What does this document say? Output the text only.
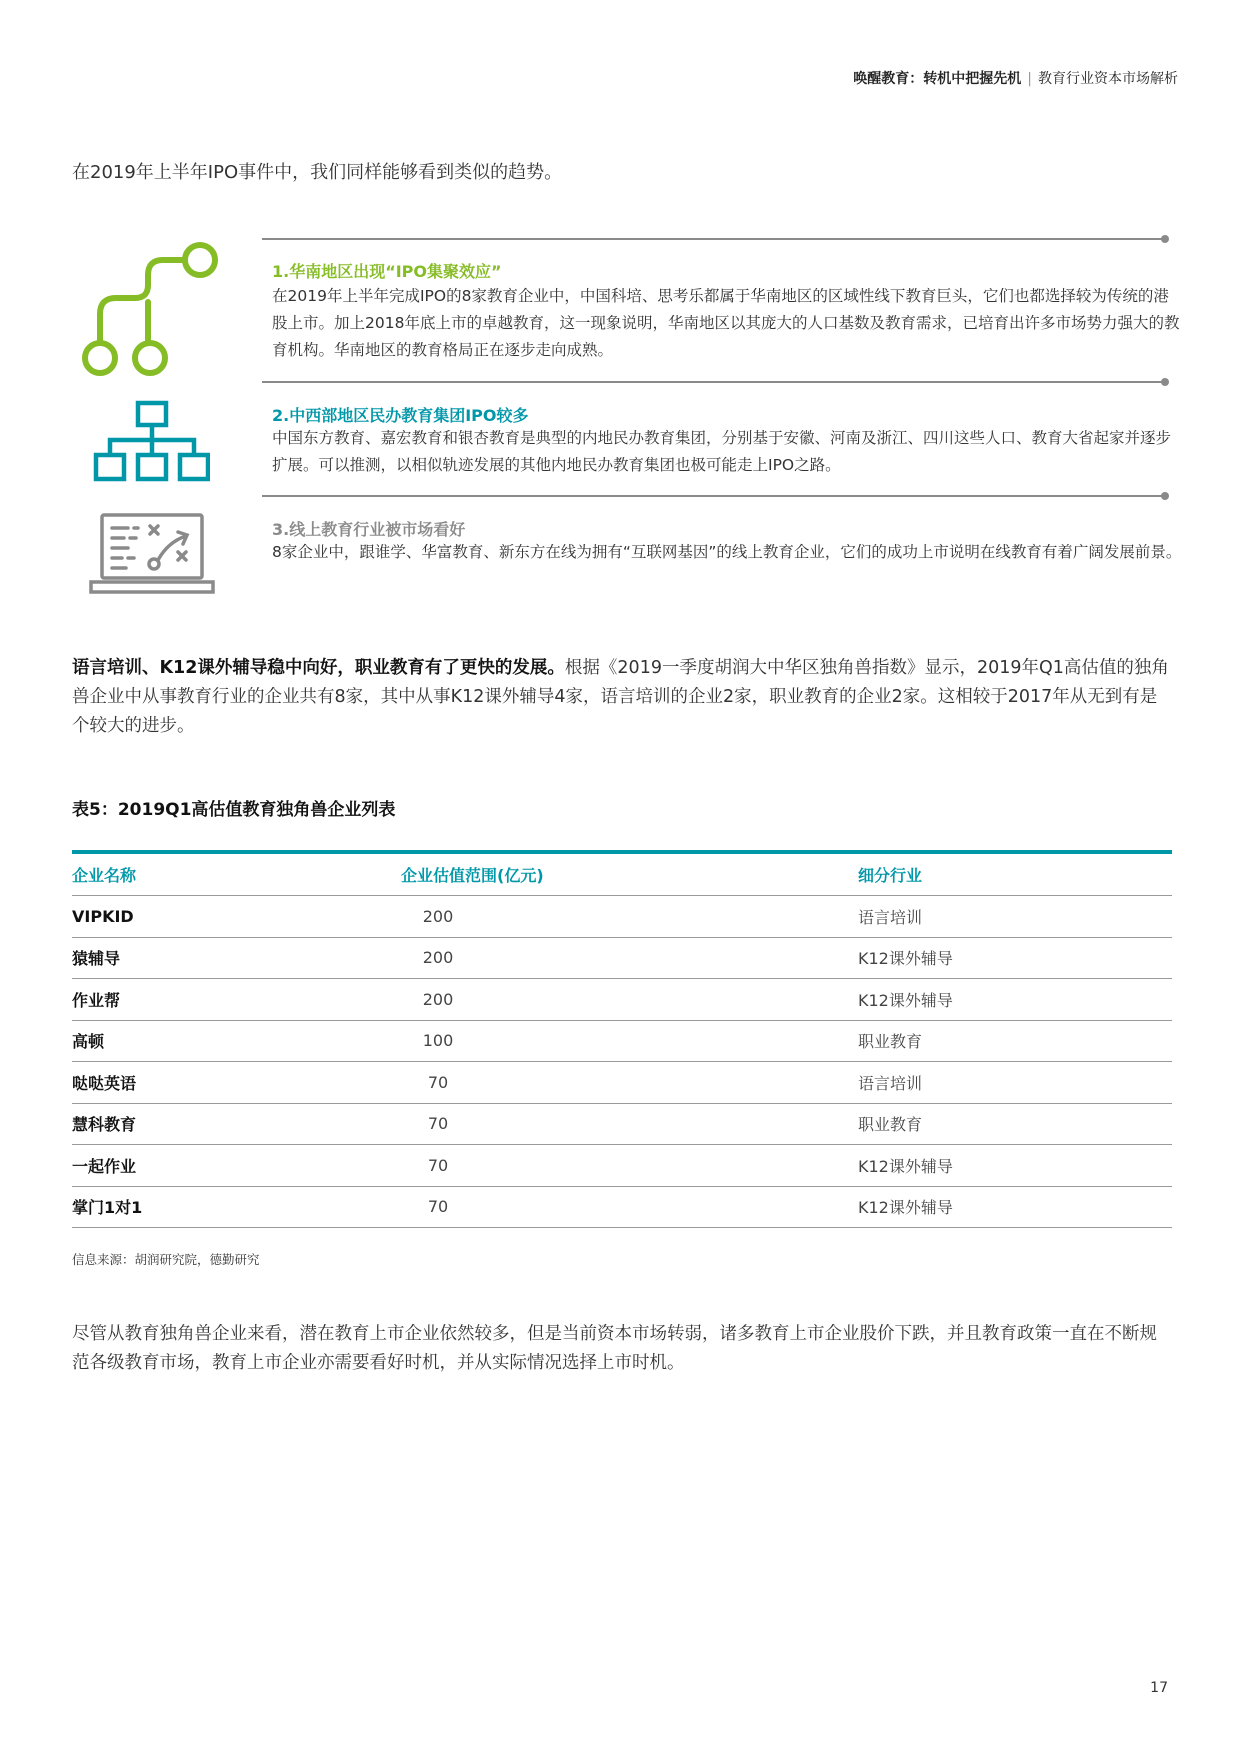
唤醒教育：转机中把握先机 | 教育行业资本市场解析
在2019年上半年IPO事件中，我们同样能够看到类似的趋势。
1.华南地区出现“IPO集聚效应”
在2019年上半年完成IPO的8家教育企业中，中国科培、思考乐都属于华南地区的区域性线下教育巨头，它们也都选择较为传统的港股上市。加上2018年底上市的卓越教育，这一现象说明，华南地区以其庞大的人口基数及教育需求，已培育出许多市场势力强大的教育机构。华南地区的教育格局正在逐步走向成熟。
2.中西部地区民办教育集团IPO较多
中国东方教育、嘉宏教育和银杏教育是典型的内地民办教育集团，分别基于安徽、河南及浙江、四川这些人口、教育大省起家并逐步扩展。可以推测，以相似轨迹发展的其他内地民办教育集团也极可能走上IPO之路。
3.线上教育行业被市场看好
8家企业中，跟谁学、华富教育、新东方在线为拥有“互联网基因”的线上教育企业，它们的成功上市说明在线教育有着广阔发展前景。
语言培训、K12课外辅导稳中向好，职业教育有了更快的发展。根据《2019一季度胡润大中华区独角兽指数》显示，2019年Q1高估值的独角兽企业中从事教育行业的企业共有8家，其中从事K12课外辅导4家，语言培训的企业2家，职业教育的企业2家。这相较于2017年从无到有是个较大的进步。
表5：2019Q1高估值教育独角兽企业列表
企业名称	企业估值范围(亿元)	细分行业
VIPKID	200	语言培训
猿辅导	200	K12课外辅导
作业帮	200	K12课外辅导
高顿	100	职业教育
哒哒英语	70	语言培训
慧科教育	70	职业教育
一起作业	70	K12课外辅导
掌门1对1	70	K12课外辅导
信息来源：胡润研究院，德勤研究
尽管从教育独角兽企业来看，潜在教育上市企业依然较多，但是当前资本市场转弱，诸多教育上市企业股价下跌，并且教育政策一直在不断规范各级教育市场，教育上市企业亦需要看好时机，并从实际情况选择上市时机。
17
